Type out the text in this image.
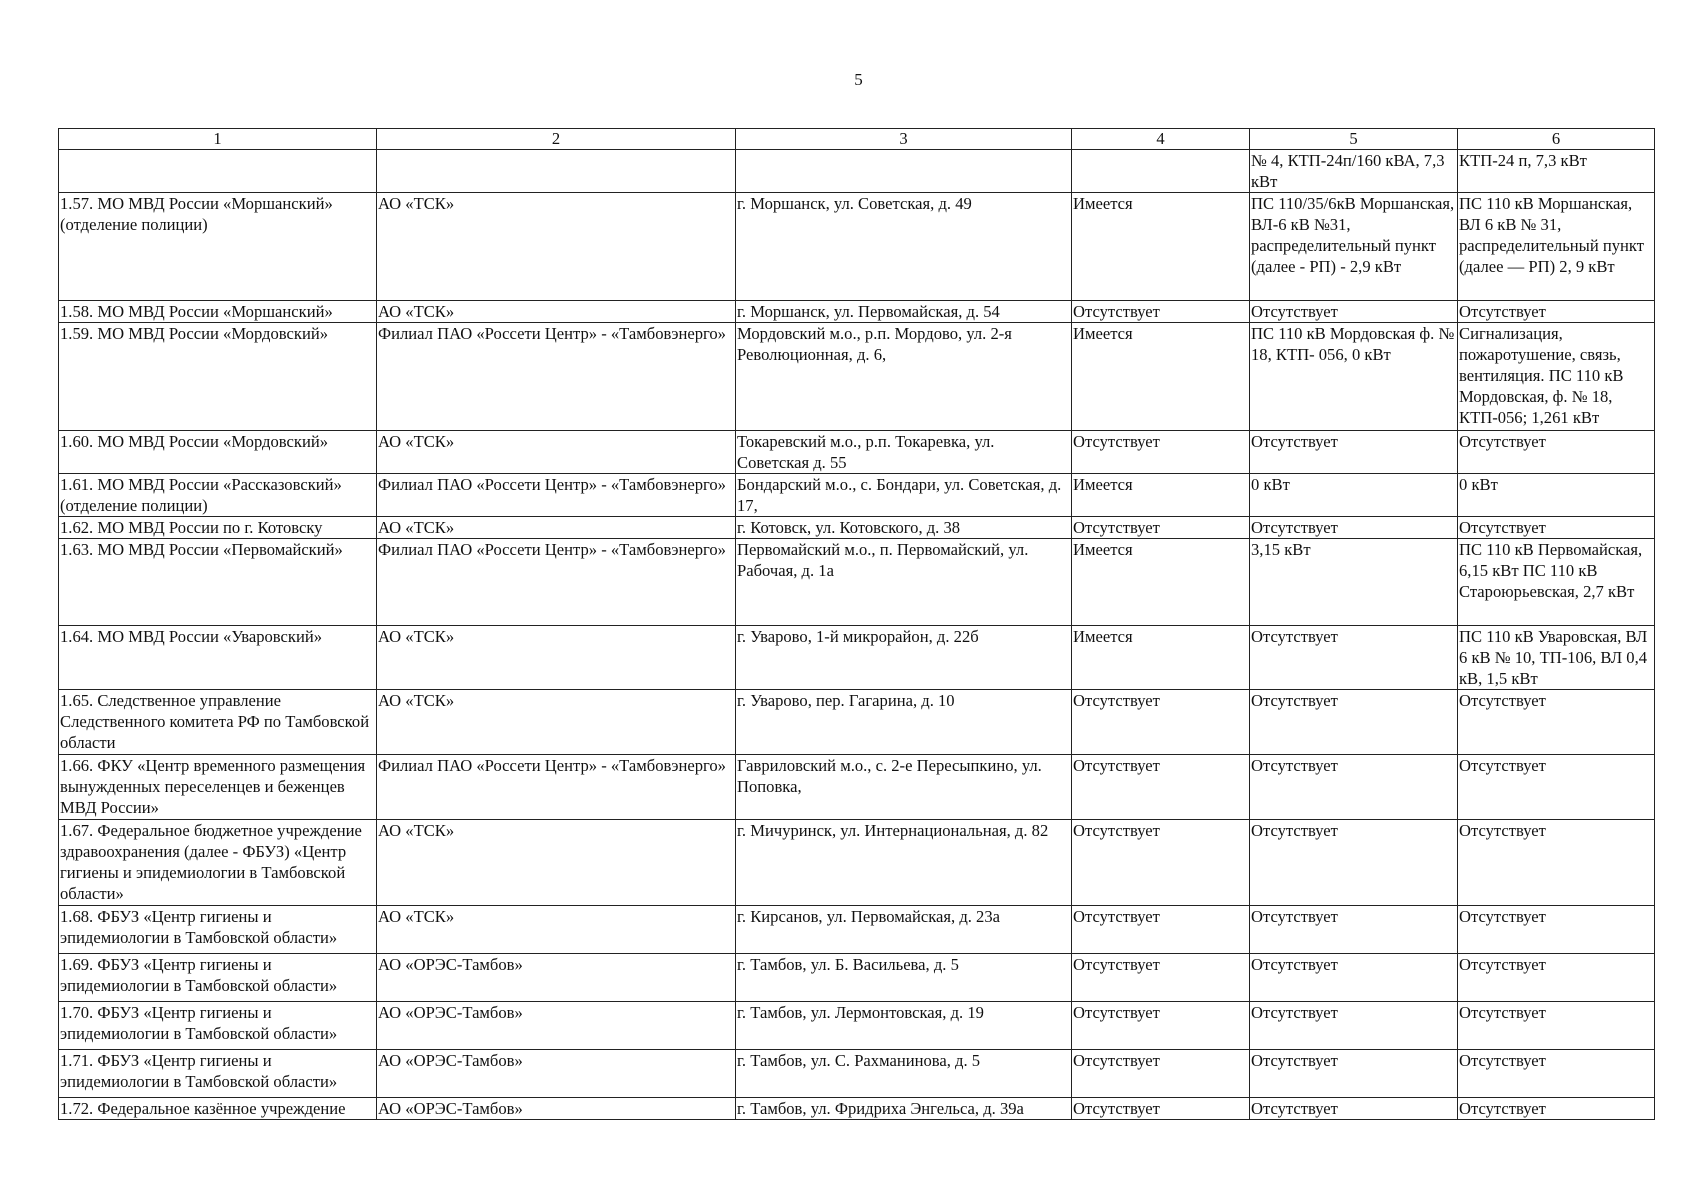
5
1	2	3	4	5	6
				№ 4, КТП-24п/160 кВА, 7,3 кВт	КТП-24 п, 7,3 кВт
1.57. МО МВД России «Моршанский» (отделение полиции)	АО «ТСК»	г. Моршанск, ул. Советская, д. 49	Имеется	ПС 110/35/6кВ Моршанская, ВЛ-6 кВ №31, распределительный пункт (далее - РП) - 2,9 кВт	ПС 110 кВ Моршанская, ВЛ 6 кВ № 31, распределительный пункт (далее — РП) 2, 9 кВт
1.58. МО МВД России «Моршанский»	АО «ТСК»	г. Моршанск, ул. Первомайская, д. 54	Отсутствует	Отсутствует	Отсутствует
1.59. МО МВД России «Мордовский»	Филиал ПАО «Россети Центр» - «Тамбовэнерго»	Мордовский м.о., р.п. Мордово, ул. 2-я Революционная, д. 6,	Имеется	ПС 110 кВ Мордовская ф. № 18, КТП- 056, 0 кВт	Сигнализация, пожаротушение, связь, вентиляция. ПС 110 кВ Мордовская, ф. № 18, КТП-056; 1,261 кВт
1.60. МО МВД России «Мордовский»	АО «ТСК»	Токаревский м.о., р.п. Токаревка, ул. Советская д. 55	Отсутствует	Отсутствует	Отсутствует
1.61. МО МВД России «Рассказовский» (отделение полиции)	Филиал ПАО «Россети Центр» - «Тамбовэнерго»	Бондарский м.о., с. Бондари, ул. Советская, д. 17,	Имеется	0 кВт	0 кВт
1.62. МО МВД России по г. Котовску	АО «ТСК»	г. Котовск, ул. Котовского, д. 38	Отсутствует	Отсутствует	Отсутствует
1.63. МО МВД России «Первомайский»	Филиал ПАО «Россети Центр» - «Тамбовэнерго»	Первомайский м.о., п. Первомайский, ул. Рабочая, д. 1а	Имеется	3,15 кВт	ПС 110 кВ Первомайская, 6,15 кВт ПС 110 кВ Староюрьевская, 2,7 кВт
1.64. МО МВД России «Уваровский»	АО «ТСК»	г. Уварово, 1-й микрорайон, д. 22б	Имеется	Отсутствует	ПС 110 кВ Уваровская, ВЛ 6 кВ № 10, ТП-106, ВЛ 0,4 кВ, 1,5 кВт
1.65. Следственное управление Следственного комитета РФ по Тамбовской области	АО «ТСК»	г. Уварово, пер. Гагарина, д. 10	Отсутствует	Отсутствует	Отсутствует
1.66. ФКУ «Центр временного размещения вынужденных переселенцев и беженцев МВД России»	Филиал ПАО «Россети Центр» - «Тамбовэнерго»	Гавриловский м.о., с. 2-е Пересыпкино, ул. Поповка,	Отсутствует	Отсутствует	Отсутствует
1.67. Федеральное бюджетное учреждение здравоохранения (далее - ФБУЗ) «Центр гигиены и эпидемиологии в Тамбовской области»	АО «ТСК»	г. Мичуринск, ул. Интернациональная, д. 82	Отсутствует	Отсутствует	Отсутствует
1.68. ФБУЗ «Центр гигиены и эпидемиологии в Тамбовской области»	АО «ТСК»	г. Кирсанов, ул. Первомайская, д. 23а	Отсутствует	Отсутствует	Отсутствует
1.69. ФБУЗ «Центр гигиены и эпидемиологии в Тамбовской области»	АО «ОРЭС-Тамбов»	г. Тамбов, ул. Б. Васильева, д. 5	Отсутствует	Отсутствует	Отсутствует
1.70. ФБУЗ «Центр гигиены и эпидемиологии в Тамбовской области»	АО «ОРЭС-Тамбов»	г. Тамбов, ул. Лермонтовская, д. 19	Отсутствует	Отсутствует	Отсутствует
1.71. ФБУЗ «Центр гигиены и эпидемиологии в Тамбовской области»	АО «ОРЭС-Тамбов»	г. Тамбов, ул. С. Рахманинова, д. 5	Отсутствует	Отсутствует	Отсутствует
1.72. Федеральное казённое учреждение	АО «ОРЭС-Тамбов»	г. Тамбов, ул. Фридриха Энгельса, д. 39а	Отсутствует	Отсутствует	Отсутствует
